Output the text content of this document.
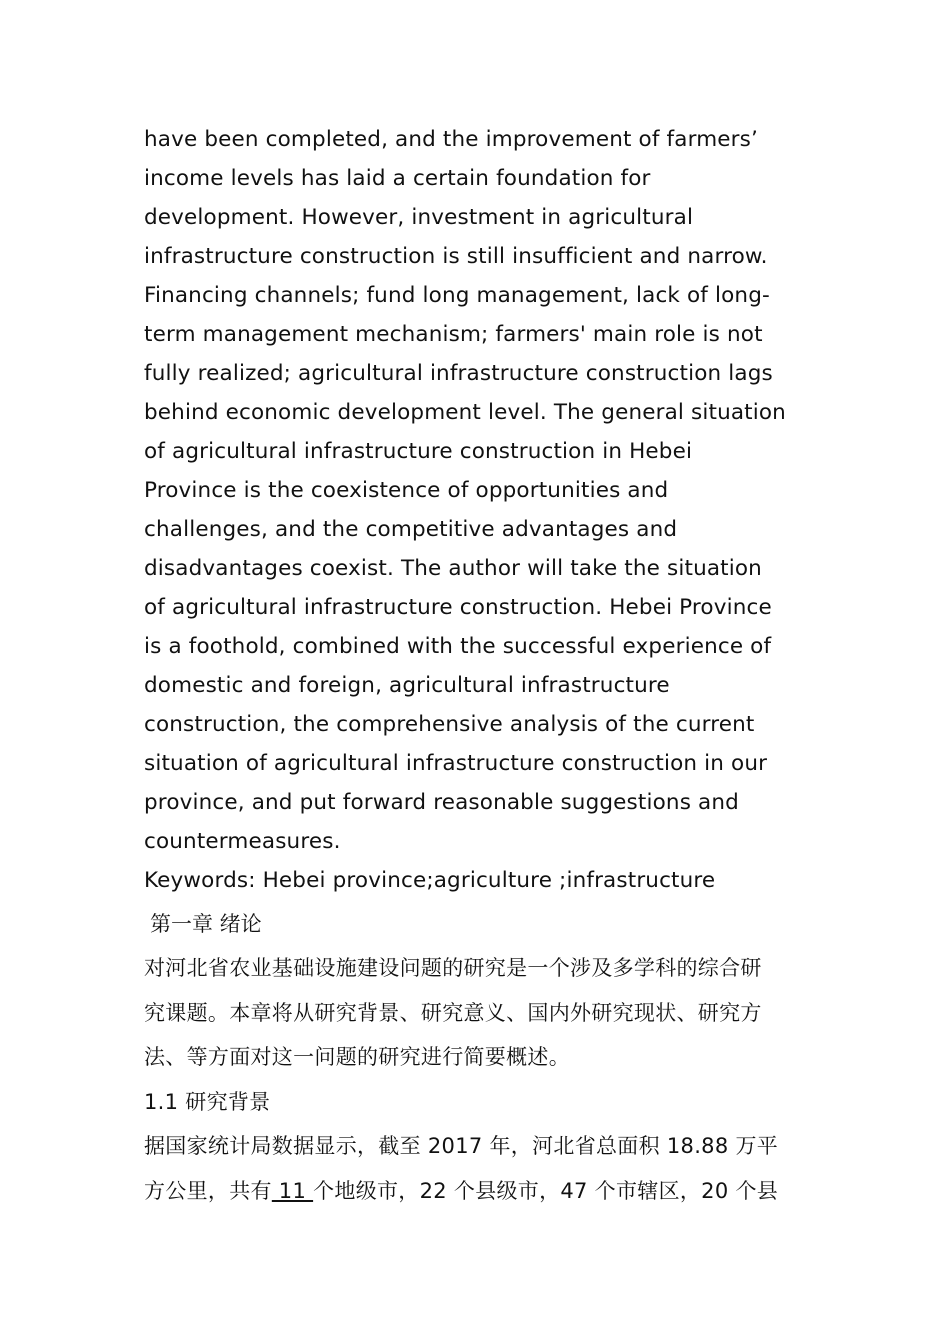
have been completed, and the improvement of farmers’
income levels has laid a certain foundation for
development. However, investment in agricultural
infrastructure construction is still insufficient and narrow.
Financing channels; fund long management, lack of long-
term management mechanism; farmers' main role is not
fully realized; agricultural infrastructure construction lags
behind economic development level. The general situation
of agricultural infrastructure construction in Hebei
Province is the coexistence of opportunities and
challenges, and the competitive advantages and
disadvantages coexist. The author will take the situation
of agricultural infrastructure construction. Hebei Province
is a foothold, combined with the successful experience of
domestic and foreign, agricultural infrastructure
construction, the comprehensive analysis of the current
situation of agricultural infrastructure construction in our
province, and put forward reasonable suggestions and
countermeasures.
Keywords: Hebei province;agriculture ;infrastructure
第一章 绪论
对河北省农业基础设施建设问题的研究是一个涉及多学科的综合研
究课题。本章将从研究背景、研究意义、国内外研究现状、研究方
法、等方面对这一问题的研究进行简要概述。
1.1 研究背景
据国家统计局数据显示，截至 2017 年，河北省总面积 18.88 万平
方公里，共有 11 个地级市，22 个县级市，47 个市辖区，20 个县
